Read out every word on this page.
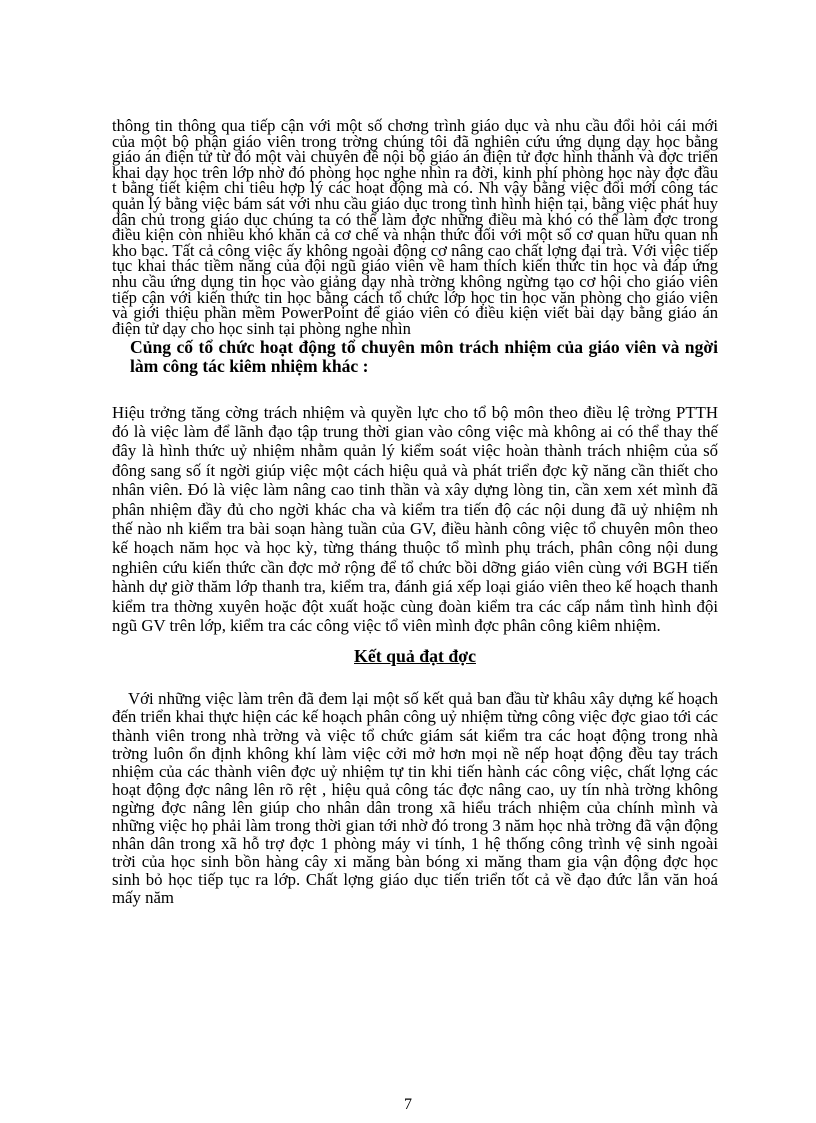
thông tin thông qua tiếp cận với một số chơng trình giáo dục và nhu cầu đổi hỏi cái mới của một bộ phận giáo viên trong trờng chúng tôi đã nghiên cứu ứng dụng dạy học bằng giáo án điện tử từ đó một vài chuyên đề nội bộ giáo án điện tử đợc hình thành và đợc triển khai dạy học trên lớp nhờ đó phòng học nghe nhìn ra đời, kinh phí phòng học này đợc đầu t bằng tiết kiệm chi tiêu hợp lý các hoạt động mà có. Nh vậy bằng việc đổi mới công tác quản lý bằng việc bám sát với nhu cầu giáo dục trong tình hình hiện tại, bằng việc phát huy dân chủ trong giáo dục chúng ta có thể làm đợc những điều mà khó có thể làm đợc trong điều kiện còn nhiều khó khăn cả cơ chế và nhận thức đối với một số cơ quan hữu quan nh kho bạc. Tất cả công việc ấy không ngoài động cơ nâng cao chất lợng đại trà. Với việc tiếp tục khai thác tiềm năng của đội ngũ giáo viên về ham thích kiến thức tin học và đáp ứng nhu cầu ứng dụng tin học vào giảng dạy nhà trờng không ngừng tạo cơ hội cho giáo viên tiếp cận với kiến thức tin học bằng cách tổ chức lớp học tin học văn phòng cho giáo viên và giới thiệu phần mềm PowerPoint để giáo viên có điều kiện viết bài dạy bằng giáo án điện tử dạy cho học sinh tại phòng nghe nhìn

Củng cố tổ chức hoạt động tổ chuyên môn trách nhiệm của giáo viên và ngời làm công tác kiêm nhiệm khác :

Hiệu trởng tăng cờng trách nhiệm và quyền lực cho tổ bộ môn theo điều lệ trờng PTTH đó là việc làm để lãnh đạo tập trung thời gian vào công việc mà không ai có thể thay thế đây là hình thức uỷ nhiệm nhằm quản lý kiểm soát việc hoàn thành trách nhiệm của số đông sang số ít ngời giúp việc một cách hiệu quả và phát triển đợc kỹ năng cần thiết cho nhân viên. Đó là việc làm nâng cao tinh thần và xây dựng lòng tin, cần xem xét mình đã phân nhiệm đầy đủ cho ngời khác cha và kiểm tra tiến độ các nội dung đã uỷ nhiệm nh thế nào nh kiểm tra bài soạn hàng tuần của GV, điều hành công việc tổ chuyên môn theo kế hoạch năm học và học kỳ, từng tháng thuộc tổ mình phụ trách, phân công nội dung nghiên cứu kiến thức cần đợc mở rộng để tổ chức bồi dỡng giáo viên cùng với BGH tiến hành dự giờ thăm lớp thanh tra, kiểm tra, đánh giá xếp loại giáo viên theo kế hoạch thanh kiểm tra thờng xuyên hoặc đột xuất hoặc cùng đoàn kiểm tra các cấp nắm tình hình đội ngũ GV trên lớp, kiểm tra các công việc tổ viên mình đợc phân công kiêm nhiệm.

Kết quả đạt đợc

Với những việc làm trên đã đem lại một số kết quả ban đầu từ khâu xây dựng kế hoạch đến triển khai thực hiện các kế hoạch phân công uỷ nhiệm từng công việc đợc giao tới các thành viên trong nhà trờng và việc tổ chức giám sát kiểm tra các hoạt động trong nhà trờng luôn ổn định không khí làm việc cởi mở hơn mọi nề nếp hoạt động đều tay trách nhiệm của các thành viên đợc uỷ nhiệm tự tin khi tiến hành các công việc, chất lợng các hoạt động đợc nâng lên rõ rệt , hiệu quả công tác đợc nâng cao, uy tín nhà trờng không ngừng đợc nâng lên giúp cho nhân dân trong xã hiểu trách nhiệm của chính mình và những việc họ phải làm trong thời gian tới nhờ đó trong 3 năm học nhà trờng đã vận động nhân dân trong xã hỗ trợ đợc 1 phòng máy vi tính, 1 hệ thống công trình vệ sinh ngoài trời của học sinh bồn hàng cây xi măng bàn bóng xi măng tham gia vận động đợc học sinh bỏ học tiếp tục ra lớp. Chất lợng giáo dục tiến triển tốt cả về đạo đức lẫn văn hoá mấy năm

7
